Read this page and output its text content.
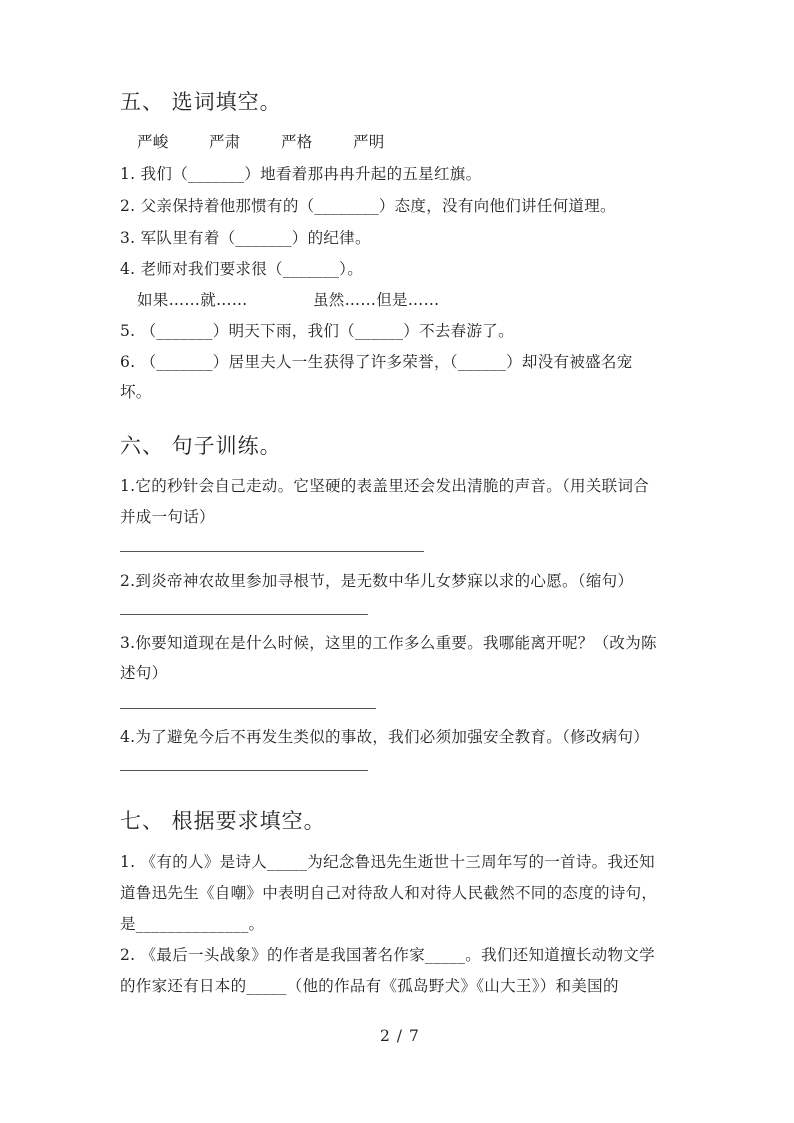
五、 选词填空。
严峻	严肃	严格	严明
1. 我们（_______）地看着那冉冉升起的五星红旗。
2. 父亲保持着他那惯有的（________）态度，没有向他们讲任何道理。
3. 军队里有着（_______）的纪律。
4. 老师对我们要求很（_______）。
如果……就……	虽然……但是……
5. （_______）明天下雨，我们（______）不去春游了。
6. （_______）居里夫人一生获得了许多荣誉，（______）却没有被盛名宠
坏。
六、 句子训练。
1.它的秒针会自己走动。它坚硬的表盖里还会发出清脆的声音。（用关联词合
并成一句话）
2.到炎帝神农故里参加寻根节，是无数中华儿女梦寐以求的心愿。（缩句）
3.你要知道现在是什么时候，这里的工作多么重要。我哪能离开呢？（改为陈
述句）
4.为了避免今后不再发生类似的事故，我们必须加强安全教育。（修改病句）
七、 根据要求填空。
1. 《有的人》是诗人_____为纪念鲁迅先生逝世十三周年写的一首诗。我还知
道鲁迅先生《自嘲》中表明自己对待敌人和对待人民截然不同的态度的诗句，
是______________。
2. 《最后一头战象》的作者是我国著名作家_____。我们还知道擅长动物文学
的作家还有日本的_____（他的作品有《孤岛野犬》《山大王》）和美国的
2 / 7
